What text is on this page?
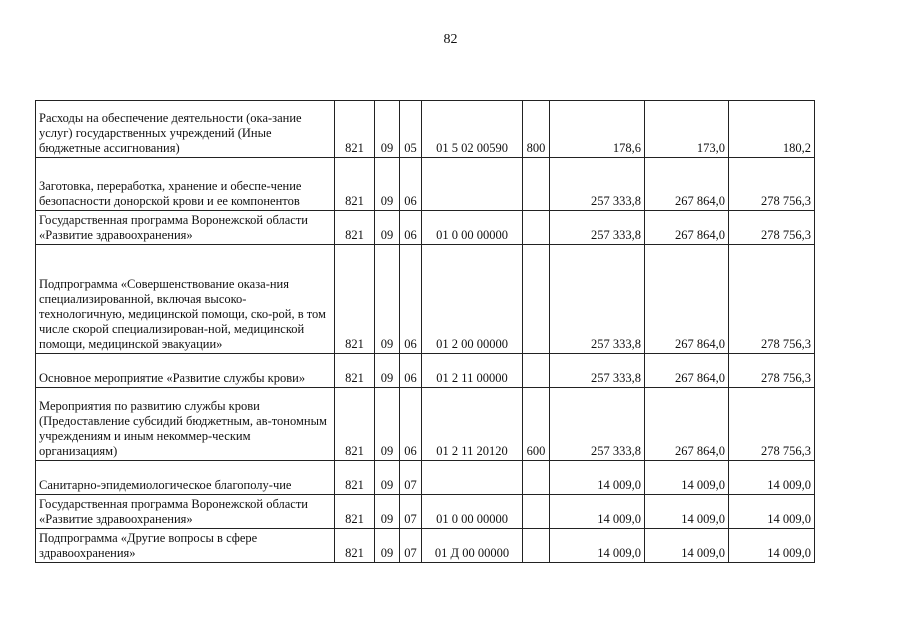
82
Расходы на обеспечение деятельности (ока-зание услуг) государственных учреждений (Иные бюджетные ассигнования)	821	09	05	01 5 02 00590	800	178,6	173,0	180,2
Заготовка, переработка, хранение и обеспе-чение безопасности донорской крови и ее компонентов	821	09	06			257 333,8	267 864,0	278 756,3
Государственная программа Воронежской области «Развитие здравоохранения»	821	09	06	01 0 00 00000		257 333,8	267 864,0	278 756,3
Подпрограмма «Совершенствование оказа-ния специализированной, включая высоко-технологичную, медицинской помощи, ско-рой, в том числе скорой специализирован-ной, медицинской помощи, медицинской эвакуации»	821	09	06	01 2 00 00000		257 333,8	267 864,0	278 756,3
Основное мероприятие «Развитие службы крови»	821	09	06	01 2 11 00000		257 333,8	267 864,0	278 756,3
Мероприятия по развитию службы крови (Предоставление субсидий бюджетным, ав-тономным учреждениям и иным некоммер-ческим организациям)	821	09	06	01 2 11 20120	600	257 333,8	267 864,0	278 756,3
Санитарно-эпидемиологическое благополу-чие	821	09	07			14 009,0	14 009,0	14 009,0
Государственная программа Воронежской области «Развитие здравоохранения»	821	09	07	01 0 00 00000		14 009,0	14 009,0	14 009,0
Подпрограмма «Другие вопросы в сфере здравоохранения»	821	09	07	01 Д 00 00000		14 009,0	14 009,0	14 009,0
